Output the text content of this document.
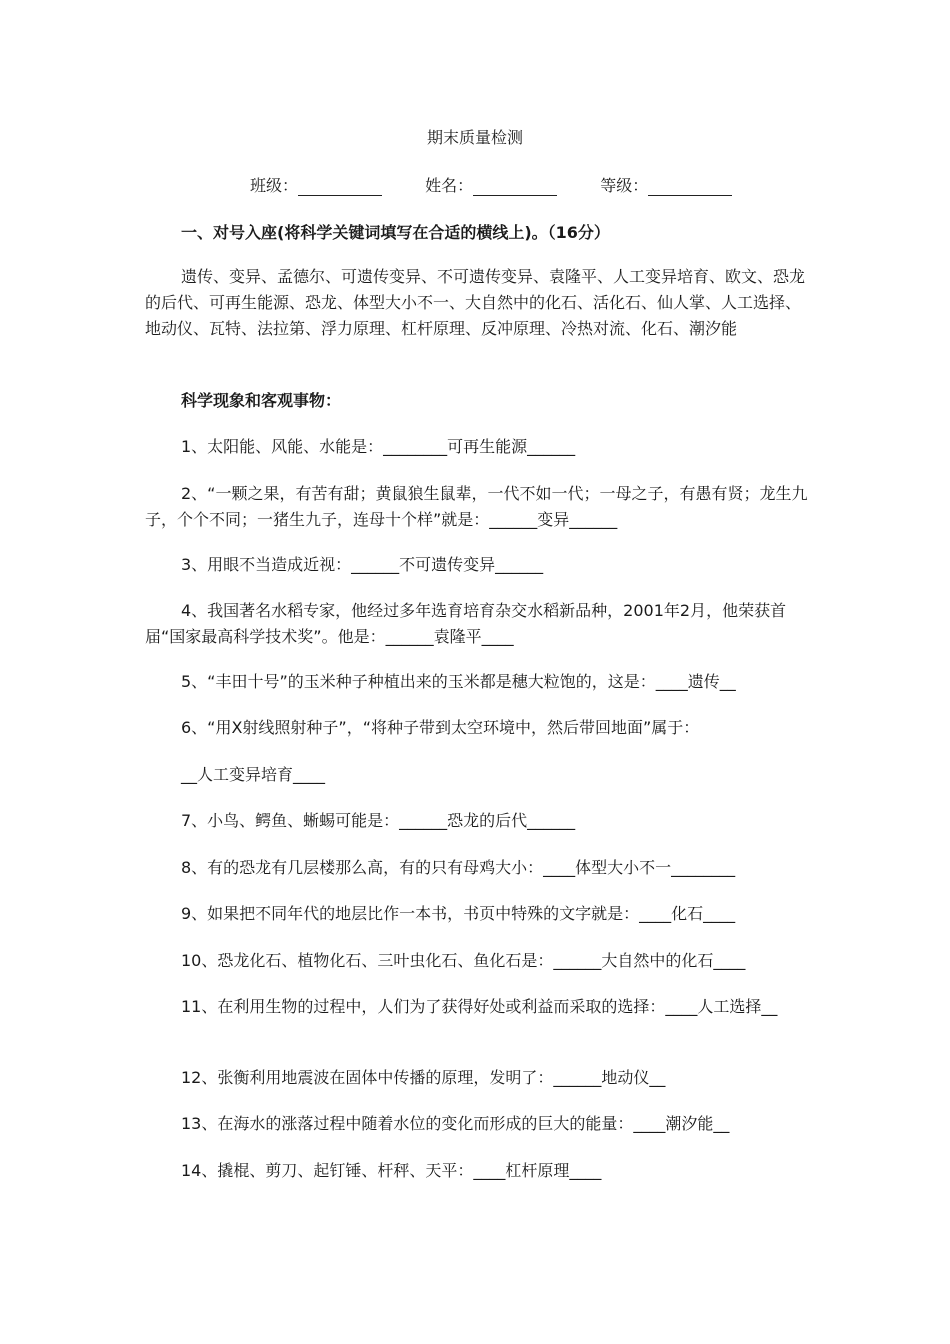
期末质量检测
班级：	姓名：	等级：
一、对号入座(将科学关键词填写在合适的横线上)。（16分）
遗传、变异、孟德尔、可遗传变异、不可遗传变异、袁隆平、人工变异培育、欧文、恐龙的后代、可再生能源、恐龙、体型大小不一、大自然中的化石、活化石、仙人掌、人工选择、地动仪、瓦特、法拉第、浮力原理、杠杆原理、反冲原理、冷热对流、化石、潮汐能
科学现象和客观事物：
1、太阳能、风能、水能是：________可再生能源______
2、“一颗之果，有苦有甜；黄鼠狼生鼠辈，一代不如一代；一母之子，有愚有贤；龙生九子，个个不同；一猪生九子，连母十个样”就是：______变异______
3、用眼不当造成近视：______不可遗传变异______
4、我国著名水稻专家，他经过多年选育培育杂交水稻新品种，2001年2月，他荣获首届“国家最高科学技术奖”。他是：______袁隆平____
5、“丰田十号”的玉米种子种植出来的玉米都是穗大粒饱的，这是：____遗传__
6、“用X射线照射种子”，“将种子带到太空环境中，然后带回地面”属于：
__人工变异培育____
7、小鸟、鳄鱼、蜥蜴可能是：______恐龙的后代______
8、有的恐龙有几层楼那么高，有的只有母鸡大小：____体型大小不一________
9、如果把不同年代的地层比作一本书，书页中特殊的文字就是：____化石____
10、恐龙化石、植物化石、三叶虫化石、鱼化石是：______大自然中的化石____
11、在利用生物的过程中，人们为了获得好处或利益而采取的选择：____人工选择__
12、张衡利用地震波在固体中传播的原理，发明了：______地动仪__
13、在海水的涨落过程中随着水位的变化而形成的巨大的能量：____潮汐能__
14、撬棍、剪刀、起钉锤、杆秤、天平：____杠杆原理____
